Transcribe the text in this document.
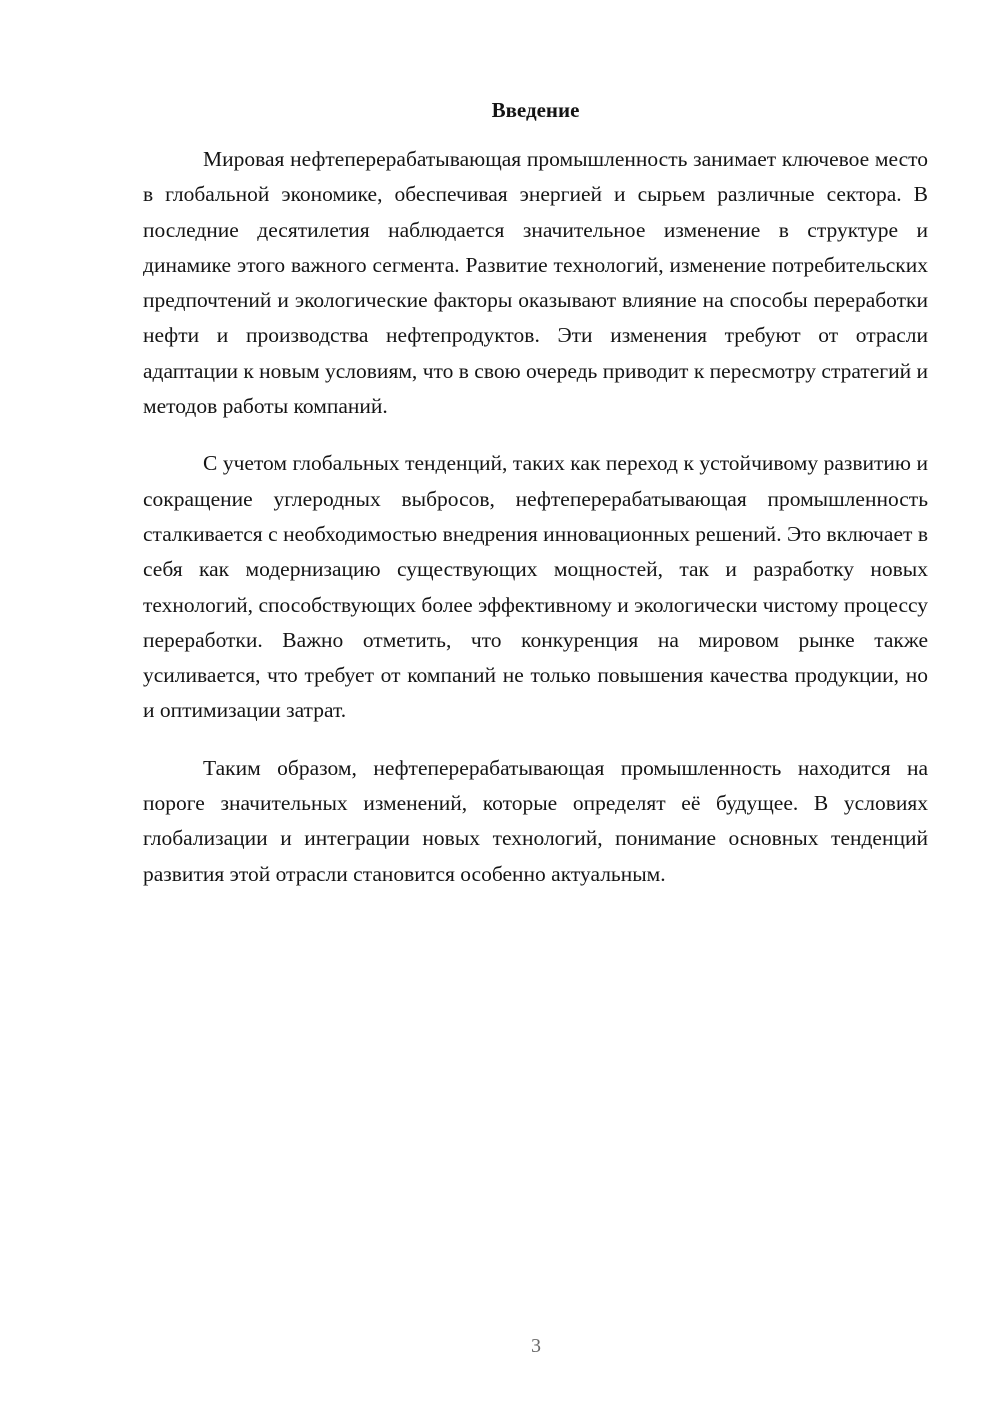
Введение

Мировая нефтеперерабатывающая промышленность занимает ключевое место в глобальной экономике, обеспечивая энергией и сырьем различные сектора. В последние десятилетия наблюдается значительное изменение в структуре и динамике этого важного сегмента. Развитие технологий, изменение потребительских предпочтений и экологические факторы оказывают влияние на способы переработки нефти и производства нефтепродуктов. Эти изменения требуют от отрасли адаптации к новым условиям, что в свою очередь приводит к пересмотру стратегий и методов работы компаний.

С учетом глобальных тенденций, таких как переход к устойчивому развитию и сокращение углеродных выбросов, нефтеперерабатывающая промышленность сталкивается с необходимостью внедрения инновационных решений. Это включает в себя как модернизацию существующих мощностей, так и разработку новых технологий, способствующих более эффективному и экологически чистому процессу переработки. Важно отметить, что конкуренция на мировом рынке также усиливается, что требует от компаний не только повышения качества продукции, но и оптимизации затрат.

Таким образом, нефтеперерабатывающая промышленность находится на пороге значительных изменений, которые определят её будущее. В условиях глобализации и интеграции новых технологий, понимание основных тенденций развития этой отрасли становится особенно актуальным.

3
